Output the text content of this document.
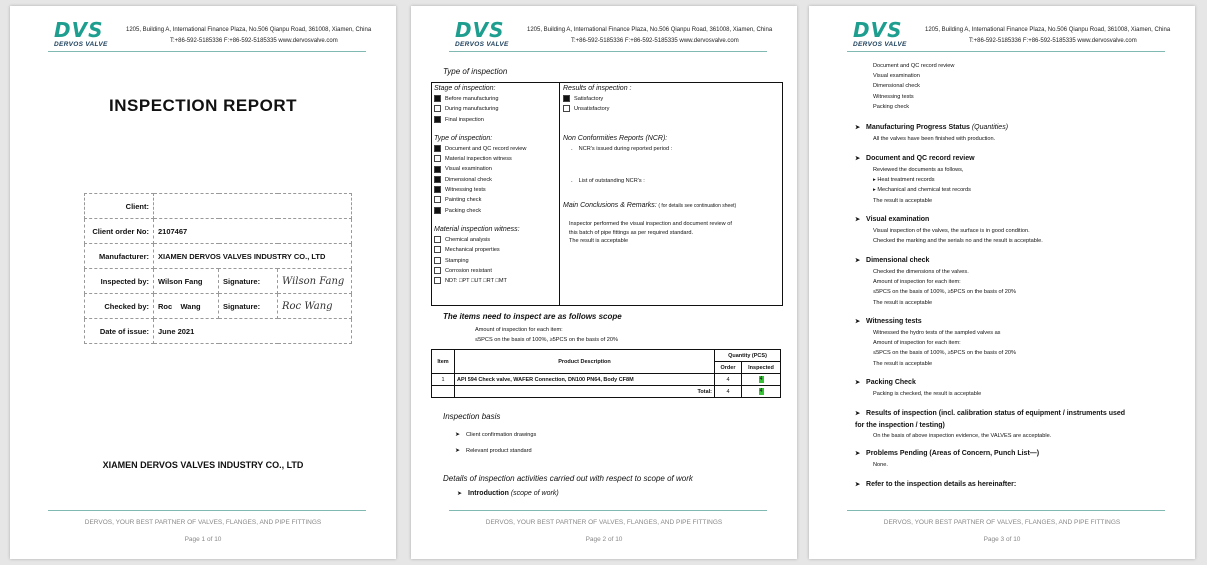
DVS
DERVOS VALVE
1205, Building A, International Finance Plaza, No.506 Qianpu Road, 361008, Xiamen, China
T:+86-592-5185336 F:+86-592-5185335 www.dervosvalve.com
INSPECTION REPORT
Client:			
Client order No:	2107467		
Manufacturer:	XIAMEN DERVOS VALVES INDUSTRY CO., LTD		
Inspected by:	Wilson Fang	Signature:	Wilson Fang
Checked by:	Roc    Wang	Signature:	Roc Wang
Date of issue:	June 2021		
XIAMEN DERVOS VALVES INDUSTRY CO., LTD
DERVOS, YOUR BEST PARTNER OF VALVES, FLANGES, AND PIPE FITTINGS
Page 1 of 10
DVS
DERVOS VALVE
1205, Building A, International Finance Plaza, No.506 Qianpu Road, 361008, Xiamen, China
T:+86-592-5185336 F:+86-592-5185335 www.dervosvalve.com
Type of inspection
Stage of inspection:
Before manufacturing
During manufacturing
Final inspection
Type of inspection:
Document and QC record review
Material inspection witness
Visual examination
Dimensional check
Witnessing tests
Painting check
Packing check
Material inspection witness:
Chemical analysis
Mechanical properties
Stamping
Corrosion resistant
NDT: □PT □UT □RT □MT
Results of inspection :
Satisfactory
Unsatisfactory
Non Conformities Reports (NCR):
. NCR’s issued during reported period :
. List of outstanding NCR’s :
Main Conclusions & Remarks: ( for details see continuation sheet)
Inspector performed the visual inspection and document review of
this batch of pipe fittings as per required standard.
The result is acceptable
The items need to inspect are as follows scope
Amount of inspection for each item:
≤5PCS on the basis of 100%, ≥5PCS on the basis of 20%
Item	Product Description	Quantity (PCS)	
		Order	Inspected
1	API 594 Check valve, WAFER Connection, DN100 PN64, Body CF8M	4	4
	Total:	4	4
Inspection basis
➤ Client confirmation drawings
➤ Relevant product standard
Details of inspection activities carried out with respect to scope of work
➤ Introduction (scope of work)
DERVOS, YOUR BEST PARTNER OF VALVES, FLANGES, AND PIPE FITTINGS
Page 2 of 10
DVS
DERVOS VALVE
1205, Building A, International Finance Plaza, No.506 Qianpu Road, 361008, Xiamen, China
T:+86-592-5185336 F:+86-592-5185335 www.dervosvalve.com
Document and QC record review
Visual examination
Dimensional check
Witnessing tests
Packing check
➤ Manufacturing Progress Status (Quantities)
All the valves have been finished with production.
➤ Document and QC record review
Reviewed the documents as follows,
▸ Heat treatment records
▸ Mechanical and chemical test records
The result is acceptable
➤ Visual examination
Visual inspection of the valves, the surface is in good condition.
Checked the marking and the serials no and the result is acceptable.
➤ Dimensional check
Checked the dimensions of the valves.
Amount of inspection for each item:
≤5PCS on the basis of 100%, ≥5PCS on the basis of 20%
The result is acceptable
➤ Witnessing tests
Witnessed the hydro tests of the sampled valves as
Amount of inspection for each item:
≤5PCS on the basis of 100%, ≥5PCS on the basis of 20%
The result is acceptable
➤ Packing Check
Packing is checked, the result is acceptable
➤ Results of inspection (incl. calibration status of equipment / instruments used
for the inspection / testing)
On the basis of above inspection evidence, the VALVES are acceptable.
➤ Problems Pending (Areas of Concern, Punch List—)
None.
➤ Refer to the inspection details as hereinafter:
DERVOS, YOUR BEST PARTNER OF VALVES, FLANGES, AND PIPE FITTINGS
Page 3 of 10
